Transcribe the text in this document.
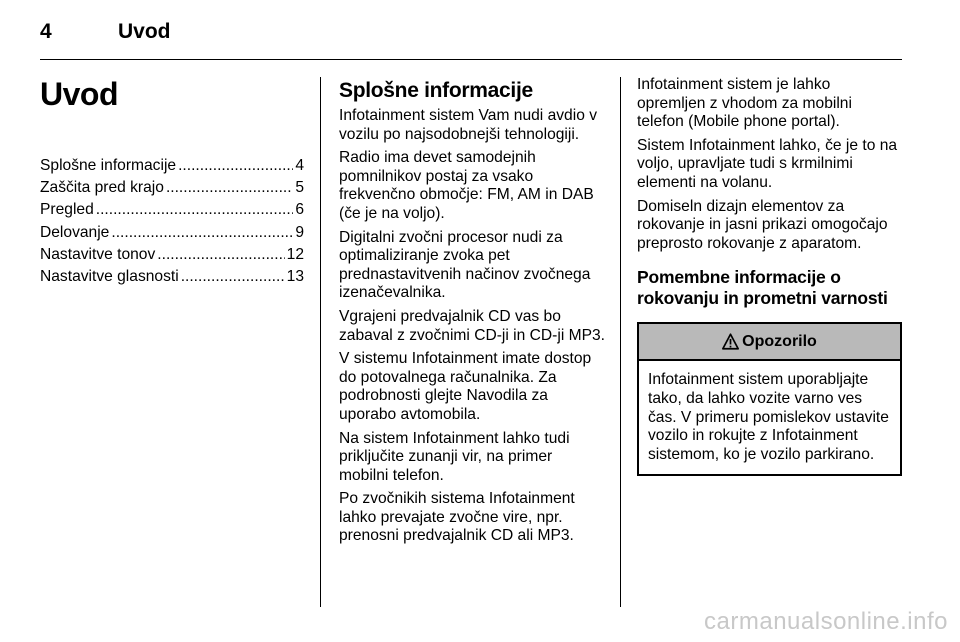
4	Uvod
Uvod
Splošne informacije .....	4
Zaščita pred krajo .....	5
Pregled .....	6
Delovanje .....	9
Nastavitve tonov .....	12
Nastavitve glasnosti .....	13
Splošne informacije

Infotainment sistem Vam nudi avdio v vozilu po najsodobnejši tehnologiji.

Radio ima devet samodejnih pomnilnikov postaj za vsako frekvenčno območje: FM, AM in DAB (če je na voljo).

Digitalni zvočni procesor nudi za optimaliziranje zvoka pet prednastavitvenih načinov zvočnega izenačevalnika.

Vgrajeni predvajalnik CD vas bo zabaval z zvočnimi CD-ji in CD-ji MP3.

V sistemu Infotainment imate dostop do potovalnega računalnika. Za podrobnosti glejte Navodila za uporabo avtomobila.

Na sistem Infotainment lahko tudi priključite zunanji vir, na primer mobilni telefon.

Po zvočnikih sistema Infotainment lahko prevajate zvočne vire, npr. prenosni predvajalnik CD ali MP3.

Infotainment sistem je lahko opremljen z vhodom za mobilni telefon (Mobile phone portal).

Sistem Infotainment lahko, če je to na voljo, upravljate tudi s krmilnimi elementi na volanu.

Domiseln dizajn elementov za rokovanje in jasni prikazi omogočajo preprosto rokovanje z aparatom.

Pomembne informacije o rokovanju in prometni varnosti
Opozorilo
Infotainment sistem uporabljajte tako, da lahko vozite varno ves čas. V primeru pomislekov ustavite vozilo in rokujte z Infotainment sistemom, ko je vozilo parkirano.
carmanualsonline.info
